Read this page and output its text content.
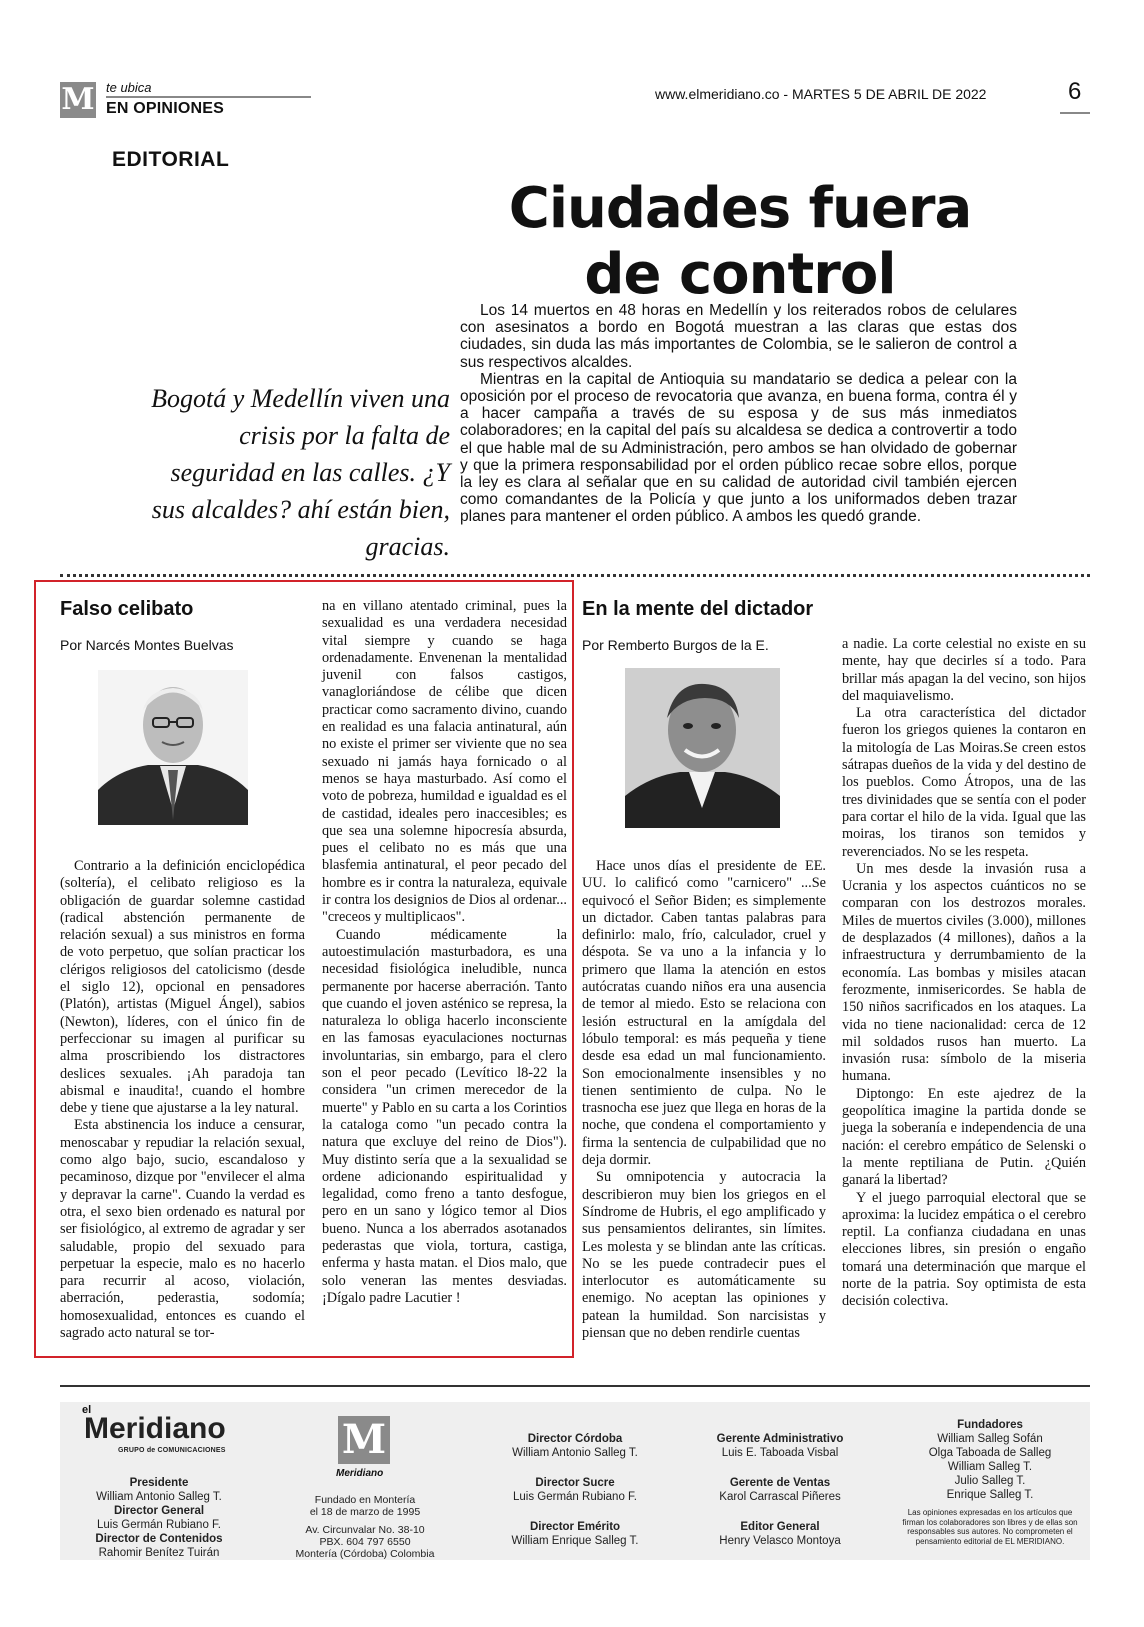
M te ubica
EN OPINIONES
www.elmeridiano.co - MARTES 5 DE ABRIL DE 2022	6
EDITORIAL
Ciudades fuera
de control
Bogotá y Medellín viven una crisis por la falta de seguridad en las calles. ¿Y sus alcaldes? ahí están bien, gracias.

Los 14 muertos en 48 horas en Medellín y los reiterados robos de celulares con asesinatos a bordo en Bogotá muestran a las claras que estas dos ciudades, sin duda las más importantes de Colombia, se le salieron de control a sus respectivos alcaldes.

Mientras en la capital de Antioquia su mandatario se dedica a pelear con la oposición por el proceso de revocatoria que avanza, en buena forma, contra él y a hacer campaña a través de su esposa y de sus más inmediatos colaboradores; en la capital del país su alcaldesa se dedica a controvertir a todo el que hable mal de su Administración, pero ambos se han olvidado de gobernar y que la primera responsabilidad por el orden público recae sobre ellos, porque la ley es clara al señalar que en su calidad de autoridad civil también ejercen como comandantes de la Policía y que junto a los uniformados deben trazar planes para mantener el orden público. A ambos les quedó grande.

Falso celibato
Por Narcés Montes Buelvas

Contrario a la definición enciclopédica (soltería), el celibato religioso es la obligación de guardar solemne castidad (radical abstención permanente de relación sexual) a sus ministros en forma de voto perpetuo, que solían practicar los clérigos religiosos del catolicismo (desde el siglo 12), opcional en pensadores (Platón), artistas (Miguel Ángel), sabios (Newton), líderes, con el único fin de perfeccionar su imagen al purificar su alma proscribiendo los distractores deslices sexuales. ¡Ah paradoja tan abismal e inaudita!, cuando el hombre debe y tiene que ajustarse a la ley natural.

Esta abstinencia los induce a censurar, menoscabar y repudiar la relación sexual, como algo bajo, sucio, escandaloso y pecaminoso, dizque por "envilecer el alma y depravar la carne". Cuando la verdad es otra, el sexo bien ordenado es natural por ser fisiológico, al extremo de agradar y ser saludable, propio del sexuado para perpetuar la especie, malo es no hacerlo para recurrir al acoso, violación, aberración, pederastia, sodomía; homosexualidad, entonces es cuando el sagrado acto natural se tor-

na en villano atentado criminal, pues la sexualidad es una verdadera necesidad vital siempre y cuando se haga ordenadamente. Envenenan la mentalidad juvenil con falsos castigos, vanagloriándose de célibe que dicen practicar como sacramento divino, cuando en realidad es una falacia antinatural, aún no existe el primer ser viviente que no sea sexuado ni jamás haya fornicado o al menos se haya masturbado. Así como el voto de pobreza, humildad e igualdad es el de castidad, ideales pero inaccesibles; es que sea una solemne hipocresía absurda, pues el celibato no es más que una blasfemia antinatural, el peor pecado del hombre es ir contra la naturaleza, equivale ir contra los designios de Dios al ordenar... "creceos y multiplicaos".

Cuando médicamente la autoestimulación masturbadora, es una necesidad fisiológica ineludible, nunca permanente por hacerse aberración. Tanto que cuando el joven asténico se represa, la naturaleza lo obliga hacerlo inconscientе en las famosas eyaculaciones nocturnas involuntarias, sin embargo, para el clero son el peor pecado (Levítico l8-22 la considera "un crimen merecedor de la muerte" y Pablo en su carta a los Corintios la cataloga como "un pecado contra la natura que excluye del reino de Dios"). Muy distinto sería que a la sexualidad se ordene adicionando espiritualidad y legalidad, como freno a tanto desfogue, pero en un sano y lógico temor al Dios bueno. Nunca a los aberrados asotanados pederastas que viola, tortura, castiga, enferma y hasta matan. el Dios malo, que solo veneran las mentes desviadas. ¡Dígalo padre Lacutier !

En la mente del dictador
Por Remberto Burgos de la E.

Hace unos días el presidente de EE. UU. lo calificó como "carnicero" ...Se equivocó el Señor Biden; es simplemente un dictador. Caben tantas palabras para definirlo: malo, frío, calculador, cruel y déspota. Se va uno a la infancia y lo primero que llama la atención en estos autócratas cuando niños era una ausencia de temor al miedo. Esto se relaciona con lesión estructural en la amígdala del lóbulo temporal: es más pequeña y tiene desde esa edad un mal funcionamiento. Son emocionalmente insensibles y no tienen sentimiento de culpa. No le trasnocha ese juez que llega en horas de la noche, que condena el comportamiento y firma la sentencia de culpabilidad que no deja dormir.

Su omnipotencia y autocracia la describieron muy bien los griegos en el Síndrome de Hubris, el ego amplificado y sus pensamientos delirantes, sin límites. Les molesta y se blindan ante las críticas. No se les puede contradecir pues el interlocutor es automáticamente su enemigo. No aceptan las opiniones y patean la humildad. Son narcisistas y piensan que no deben rendirle cuentas

a nadie. La corte celestial no existe en su mente, hay que decirles sí a todo. Para brillar más apagan la del vecino, son hijos del maquiavelismo.

La otra característica del dictador fueron los griegos quienes la contaron en la mitología de Las Moiras.Se creen estos sátrapas dueños de la vida y del destino de los pueblos. Como Átropos, una de las tres divinidades que se sentía con el poder para cortar el hilo de la vida. Igual que las moiras, los tiranos son temidos y reverenciados. No se les respeta.

Un mes desde la invasión rusa a Ucrania y los aspectos cuánticos no se comparan con los destrozos morales. Miles de muertos civiles (3.000), millones de desplazados (4 millones), daños a la infraestructura y derrumbamiento de la economía. Las bombas y misiles atacan ferozmente, inmisericordes. Se habla de 150 niños sacrificados en los ataques. La vida no tiene nacionalidad: cerca de 12 mil soldados rusos han muerto. La invasión rusa: símbolo de la miseria humana.

Diptongo: En este ajedrez de la geopolítica imagine la partida donde se juega la soberanía e independencia de una nación: el cerebro empático de Selenski o la mente reptiliana de Putin. ¿Quién ganará la libertad?

Y el juego parroquial electoral que se aproxima: la lucidez empática o el cerebro reptil. La confianza ciudadana en unas elecciones libres, sin presión o engaño tomará una determinación que marque el norte de la patria. Soy optimista de esta decisión colectiva.

el
Meridiano
GRUPO de COMUNICACIONES
Presidente
William Antonio Salleg T.
Director General
Luis Germán Rubiano F.
Director de Contenidos
Rahomir Benítez Tuirán
M
Meridiano
Fundado en Montería
el 18 de marzo de 1995
Av. Circunvalar No. 38-10
PBX. 604 797 6550
Montería (Córdoba) Colombia
Director Córdoba
William Antonio Salleg T.
Director Sucre
Luis Germán Rubiano F.
Director Emérito
William Enrique Salleg T.
Gerente Administrativo
Luis E. Taboada Visbal
Gerente de Ventas
Karol Carrascal Piñeres
Editor General
Henry Velasco Montoya
Fundadores
William Salleg Sofán
Olga Taboada de Salleg
William Salleg T.
Julio Salleg T.
Enrique Salleg T.
Las opiniones expresadas en los artículos que firman los colaboradores son libres y de ellas son responsables sus autores. No comprometen el pensamiento editorial de EL MERIDIANO.
